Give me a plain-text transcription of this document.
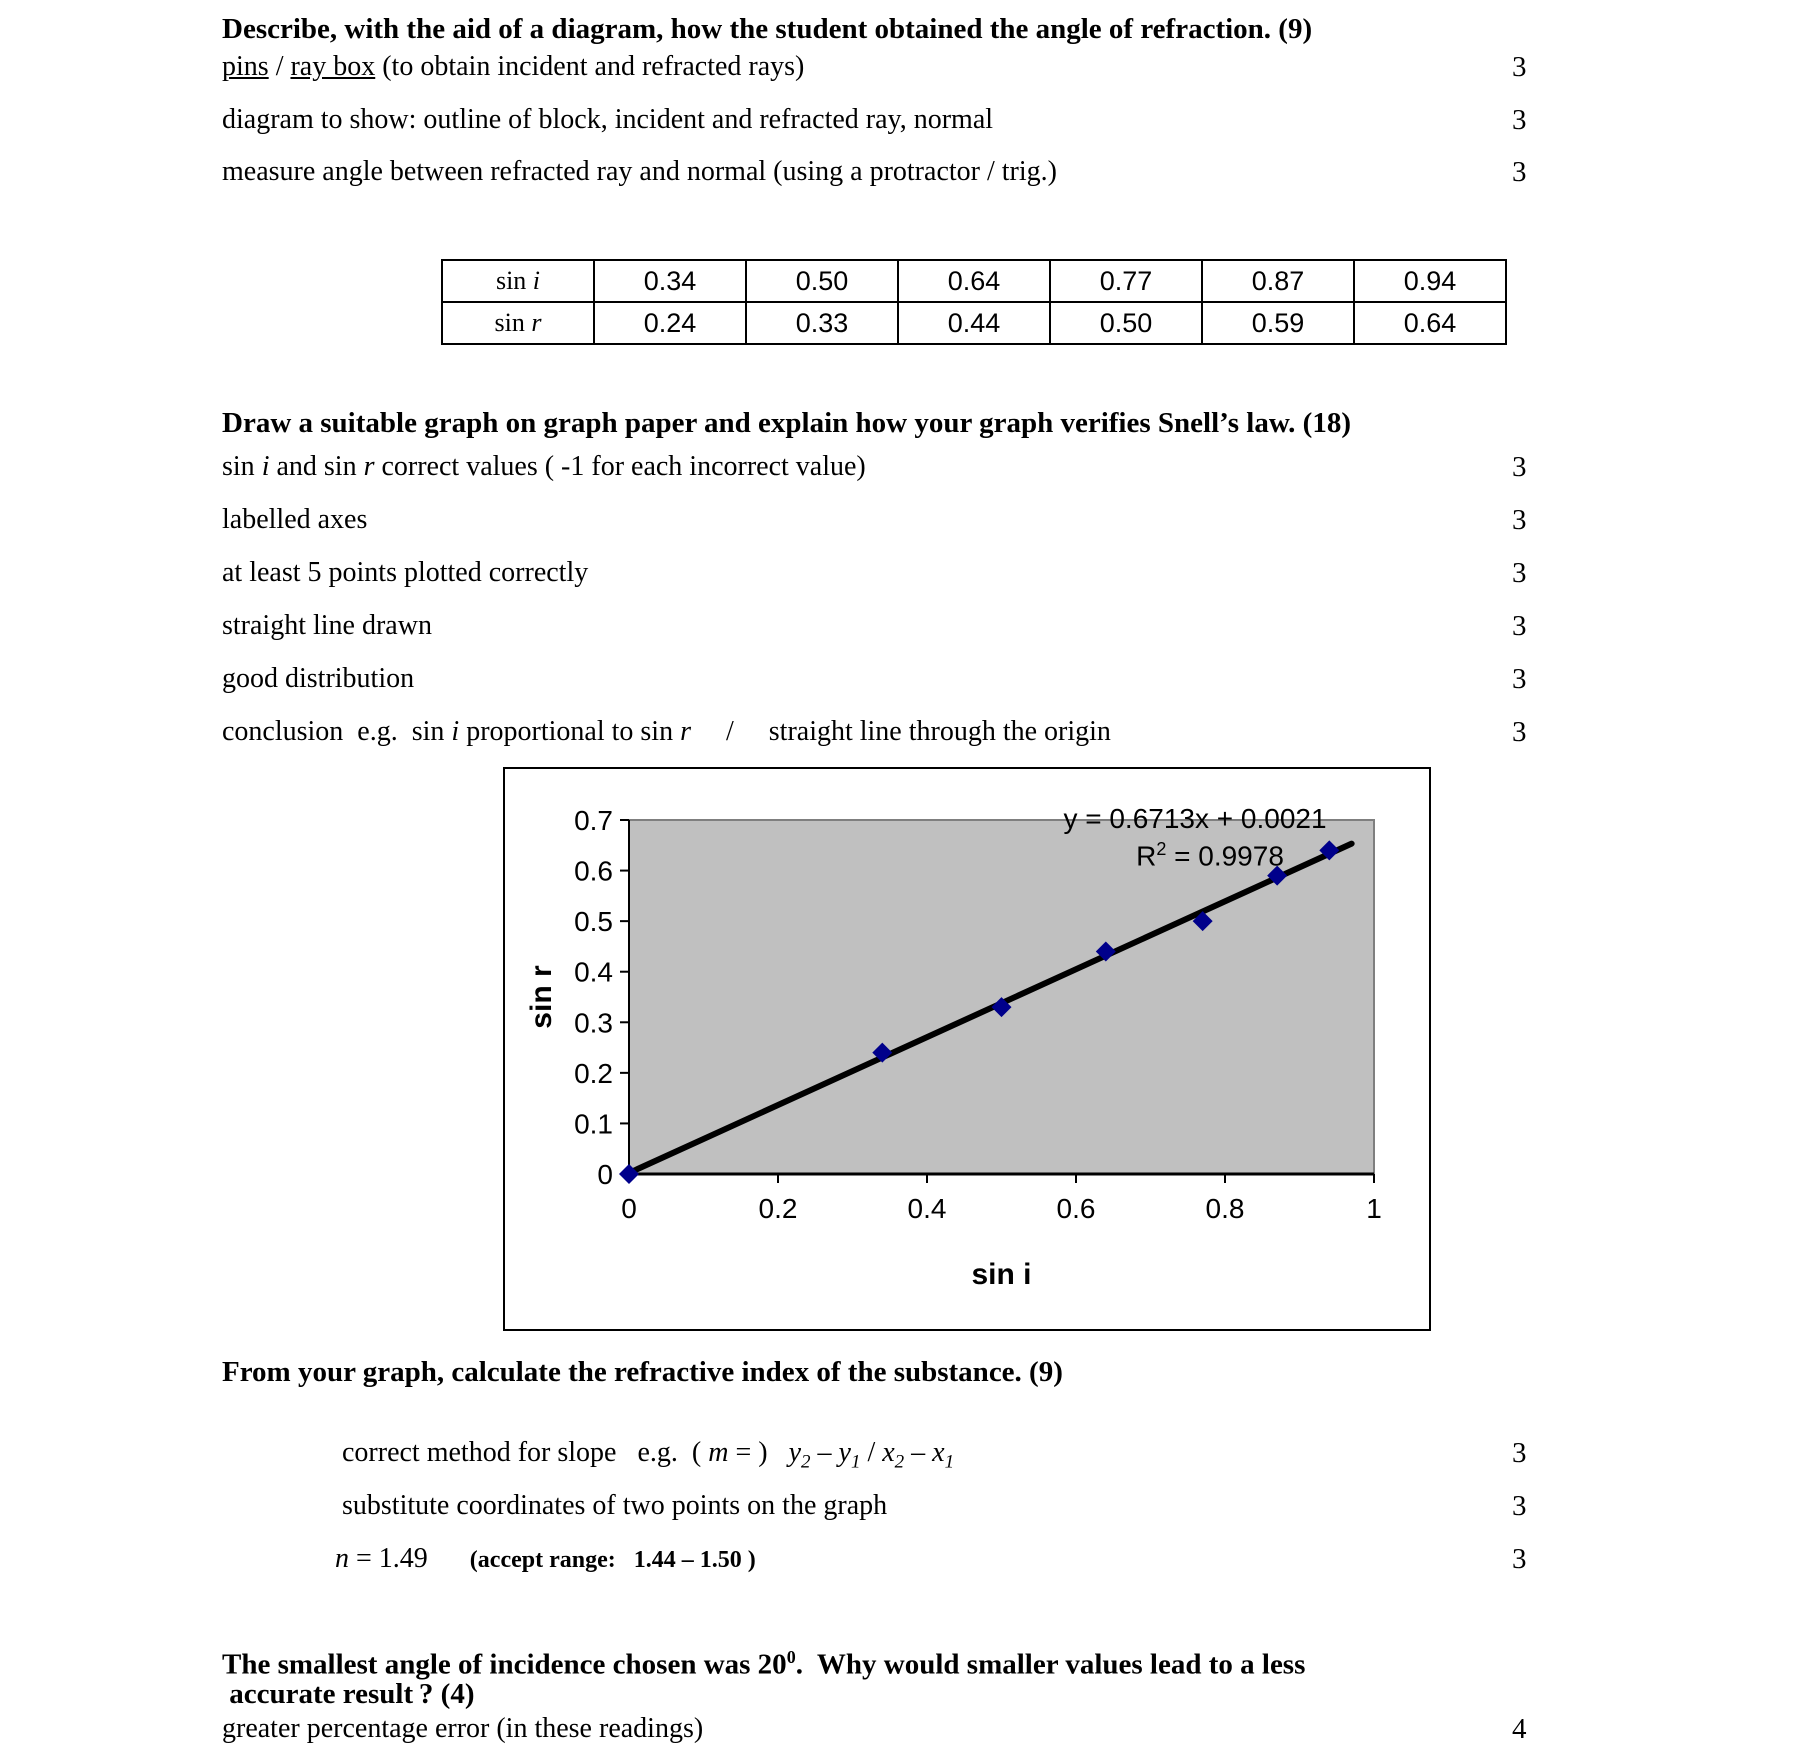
Describe, with the aid of a diagram, how the student obtained the angle of refraction. (9)
pins / ray box (to obtain incident and refracted rays)	3
diagram to show: outline of block, incident and refracted ray, normal	3
measure angle between refracted ray and normal (using a protractor / trig.)	3
sin i	0.34	0.50	0.64	0.77	0.87	0.94
sin r	0.24	0.33	0.44	0.50	0.59	0.64
Draw a suitable graph on graph paper and explain how your graph verifies Snell’s law. (18)
sin i and sin r correct values ( -1 for each incorrect value)	3
labelled axes	3
at least 5 points plotted correctly	3
straight line drawn	3
good distribution	3
conclusion  e.g.  sin i proportional to sin r     /     straight line through the origin	3
0
0.1
0.2
0.3
0.4
0.5
0.6
0.7
0	0.2	0.4	0.6	0.8	1
sin r
sin i
y = 0.6713x + 0.0021
$R^2 = 0.9978$
From your graph, calculate the refractive index of the substance. (9)
correct method for slope   e.g.  ( m = )   $y_2 - y_1 / x_2 - x_1$	3
substitute coordinates of two points on the graph	3
n = 1.49      (accept range:   1.44 – 1.50 )	3
The smallest angle of incidence chosen was $20^0$.  Why would smaller values lead to a less
accurate result ? (4)
greater percentage error (in these readings)	4
